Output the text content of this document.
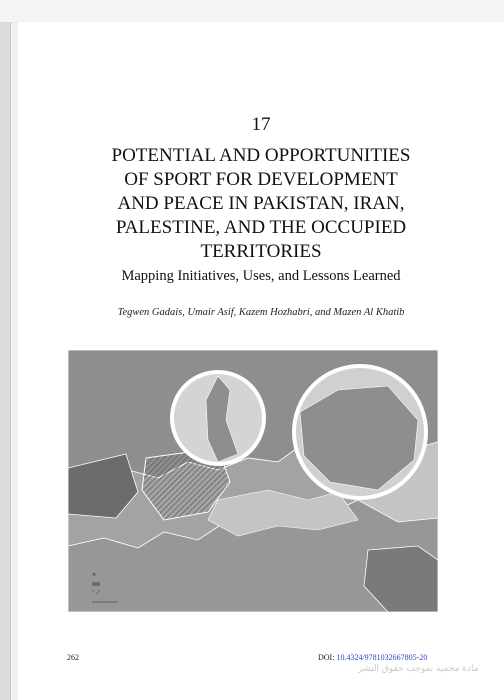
17
POTENTIAL AND OPPORTUNITIES
OF SPORT FOR DEVELOPMENT
AND PEACE IN PAKISTAN, IRAN,
PALESTINE, AND THE OCCUPIED
TERRITORIES
Mapping Initiatives, Uses, and Lessons Learned
Tegwen Gadais, Umair Asif, Kazem Hozhabri, and Mazen Al Khatib
✕
262	DOI: 10.4324/9781032667805-20
مادة محمية بموجب حقوق النشر
